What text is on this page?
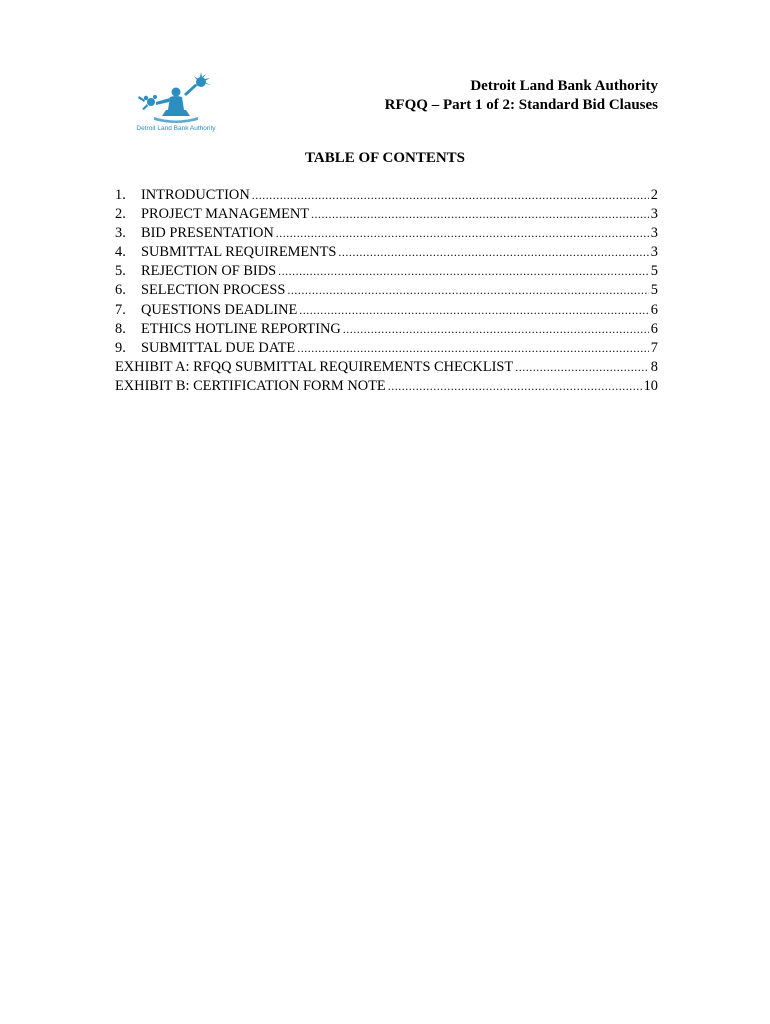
Detroit Land Bank Authority
Detroit Land Bank Authority
RFQQ – Part 1 of 2: Standard Bid Clauses
TABLE OF CONTENTS
1.	INTRODUCTION .....	2
2.	PROJECT MANAGEMENT .....	3
3.	BID PRESENTATION .....	3
4.	SUBMITTAL REQUIREMENTS .....	3
5.	REJECTION OF BIDS .....	5
6.	SELECTION PROCESS .....	5
7.	QUESTIONS DEADLINE .....	6
8.	ETHICS HOTLINE REPORTING .....	6
9.	SUBMITTAL DUE DATE .....	7
EXHIBIT A: RFQQ SUBMITTAL REQUIREMENTS CHECKLIST .....	8
EXHIBIT B: CERTIFICATION FORM NOTE .....	10
